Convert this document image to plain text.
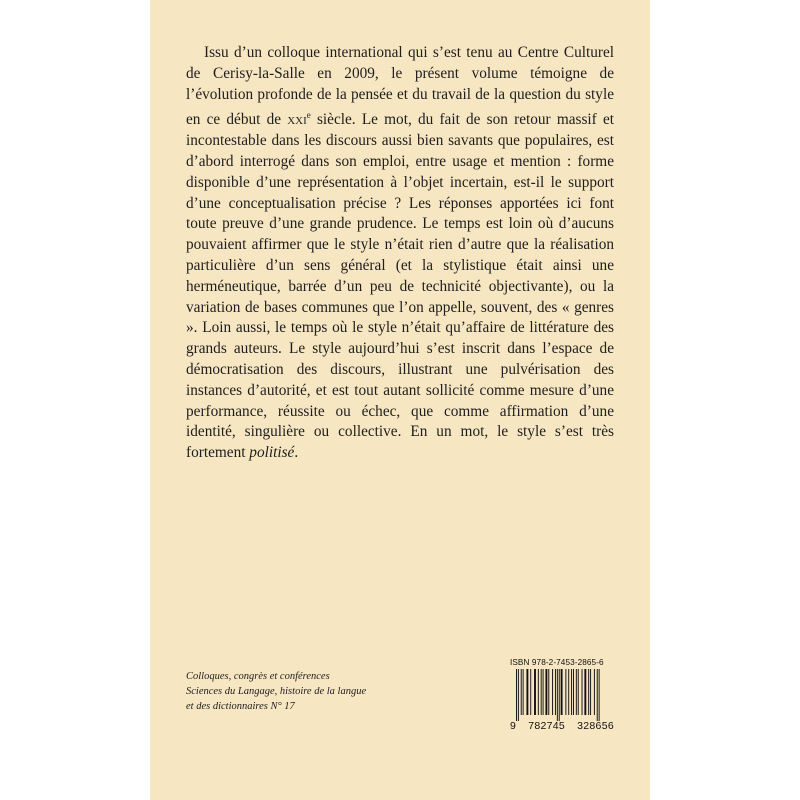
Issu d’un colloque international qui s’est tenu au Centre Culturel de Cerisy-la-Salle en 2009, le présent volume témoigne de l’évolution profonde de la pensée et du travail de la question du style en ce début de xxi$^e$ siècle. Le mot, du fait de son retour massif et incontestable dans les discours aussi bien savants que populaires, est d’abord interrogé dans son emploi, entre usage et mention : forme disponible d’une représentation à l’objet incertain, est-il le support d’une conceptualisation précise ? Les réponses apportées ici font toute preuve d’une grande prudence. Le temps est loin où d’aucuns pouvaient affirmer que le style n’était rien d’autre que la réalisation particulière d’un sens général (et la stylistique était ainsi une herméneutique, barrée d’un peu de technicité objectivante), ou la variation de bases communes que l’on appelle, souvent, des « genres ». Loin aussi, le temps où le style n’était qu’affaire de littérature des grands auteurs. Le style aujourd’hui s’est inscrit dans l’espace de démocratisation des discours, illustrant une pulvérisation des instances d’autorité, et est tout autant sollicité comme mesure d’une performance, réussite ou échec, que comme affirmation d’une identité, singulière ou collective. En un mot, le style s’est très fortement politisé.

Colloques, congrès et conférences
Sciences du Langage, histoire de la langue
et des dictionnaires N° 17
ISBN 978-2-7453-2865-6
9 782745 328656
